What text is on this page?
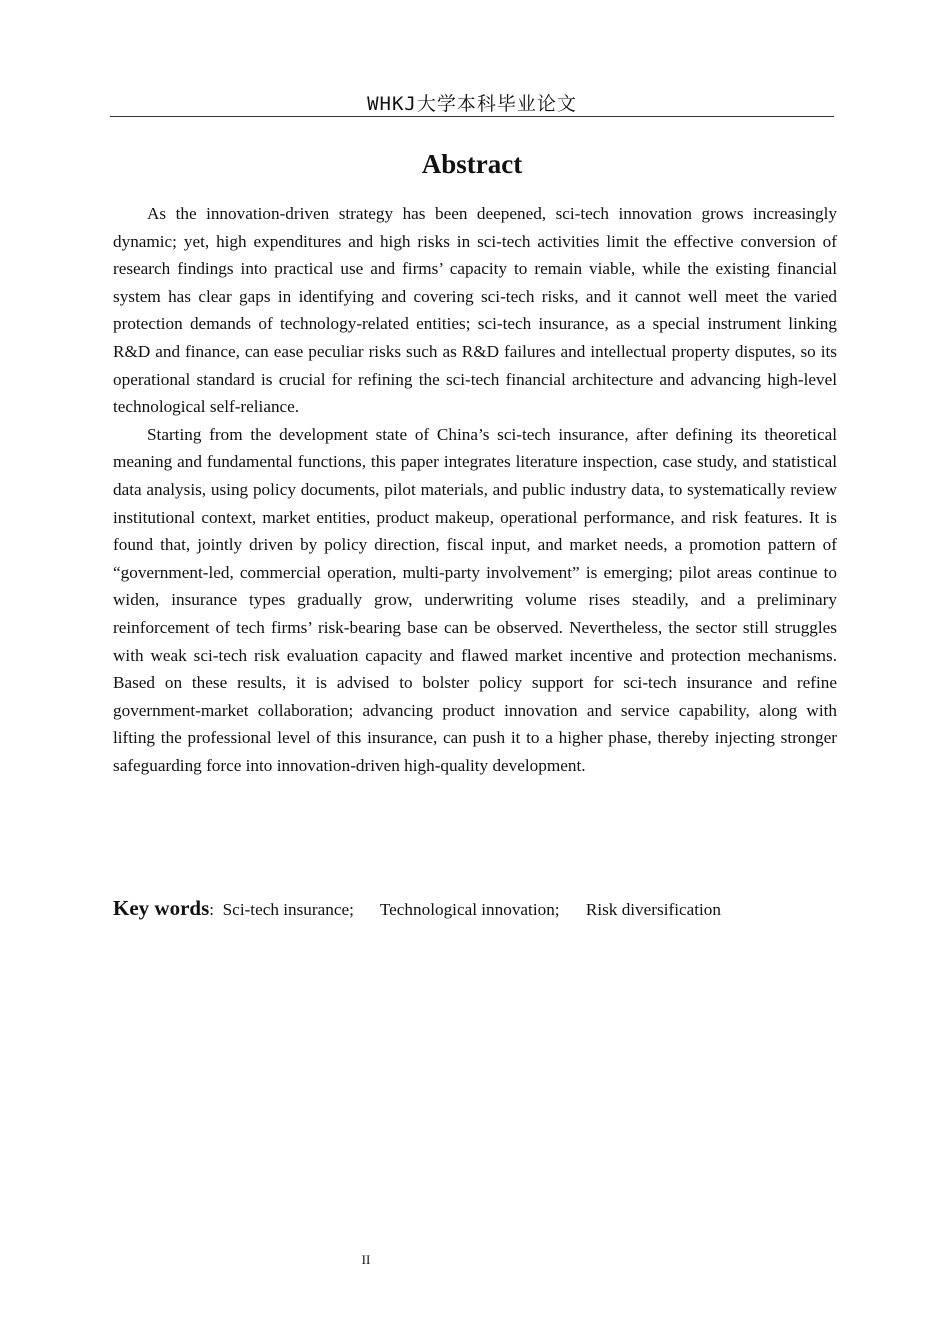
WHKJ大学本科毕业论文
Abstract

As the innovation-driven strategy has been deepened, sci-tech innovation grows increasingly dynamic; yet, high expenditures and high risks in sci-tech activities limit the effective conversion of research findings into practical use and firms’ capacity to remain viable, while the existing financial system has clear gaps in identifying and covering sci-tech risks, and it cannot well meet the varied protection demands of technology-related entities; sci-tech insurance, as a special instrument linking R&D and finance, can ease peculiar risks such as R&D failures and intellectual property disputes, so its operational standard is crucial for refining the sci-tech financial architecture and advancing high-level technological self-reliance.

Starting from the development state of China’s sci-tech insurance, after defining its theoretical meaning and fundamental functions, this paper integrates literature inspection, case study, and statistical data analysis, using policy documents, pilot materials, and public industry data, to systematically review institutional context, market entities, product makeup, operational performance, and risk features. It is found that, jointly driven by policy direction, fiscal input, and market needs, a promotion pattern of “government-led, commercial operation, multi-party involvement” is emerging; pilot areas continue to widen, insurance types gradually grow, underwriting volume rises steadily, and a preliminary reinforcement of tech firms’ risk-bearing base can be observed. Nevertheless, the sector still struggles with weak sci-tech risk evaluation capacity and flawed market incentive and protection mechanisms. Based on these results, it is advised to bolster policy support for sci-tech insurance and refine government-market collaboration; advancing product innovation and service capability, along with lifting the professional level of this insurance, can push it to a higher phase, thereby injecting stronger safeguarding force into innovation-driven high-quality development.

Key words: Sci-tech insurance; Technological innovation; Risk diversification
II
